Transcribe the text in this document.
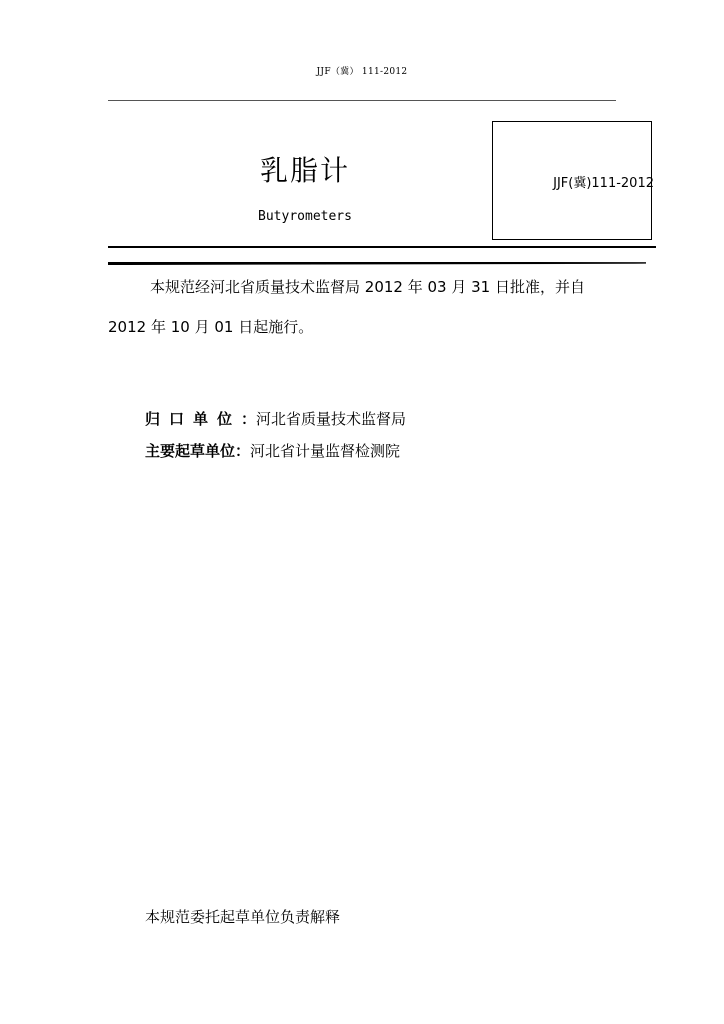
JJF（冀） 111-2012
JJF(冀)111-2012
乳脂计
Butyrometers
本规范经河北省质量技术监督局 2012 年 03 月 31 日批准，并自
2012 年 10 月 01 日起施行。
归口单位：河北省质量技术监督局
主要起草单位：河北省计量监督检测院
本规范委托起草单位负责解释
